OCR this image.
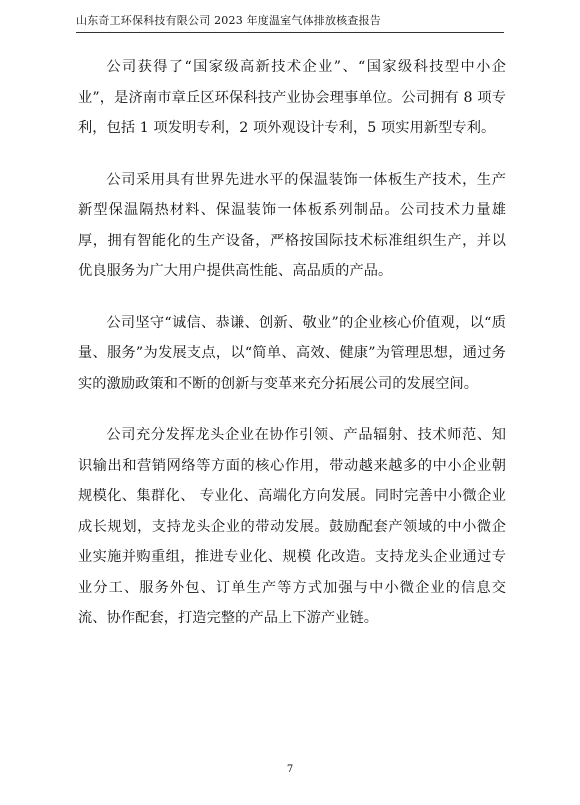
山东奇工环保科技有限公司 2023 年度温室气体排放核查报告

公司获得了“国家级高新技术企业”、“国家级科技型中小企业”，是济南市章丘区环保科技产业协会理事单位。公司拥有 8 项专利，包括 1 项发明专利，2 项外观设计专利，5 项实用新型专利。

公司采用具有世界先进水平的保温装饰一体板生产技术，生产新型保温隔热材料、保温装饰一体板系列制品。公司技术力量雄厚，拥有智能化的生产设备，严格按国际技术标准组织生产，并以优良服务为广大用户提供高性能、高品质的产品。

公司坚守“诚信、恭谦、创新、敬业”的企业核心价值观，以“质量、服务”为发展支点，以“简单、高效、健康”为管理思想，通过务实的激励政策和不断的创新与变革来充分拓展公司的发展空间。

公司充分发挥龙头企业在协作引领、产品辐射、技术师范、知识输出和营销网络等方面的核心作用，带动越来越多的中小企业朝规模化、集群化、 专业化、高端化方向发展。同时完善中小微企业成长规划，支持龙头企业的带动发展。鼓励配套产领域的中小微企业实施并购重组，推进专业化、规模 化改造。支持龙头企业通过专业分工、服务外包、订单生产等方式加强与中小微企业的信息交流、协作配套，打造完整的产品上下游产业链。

7
